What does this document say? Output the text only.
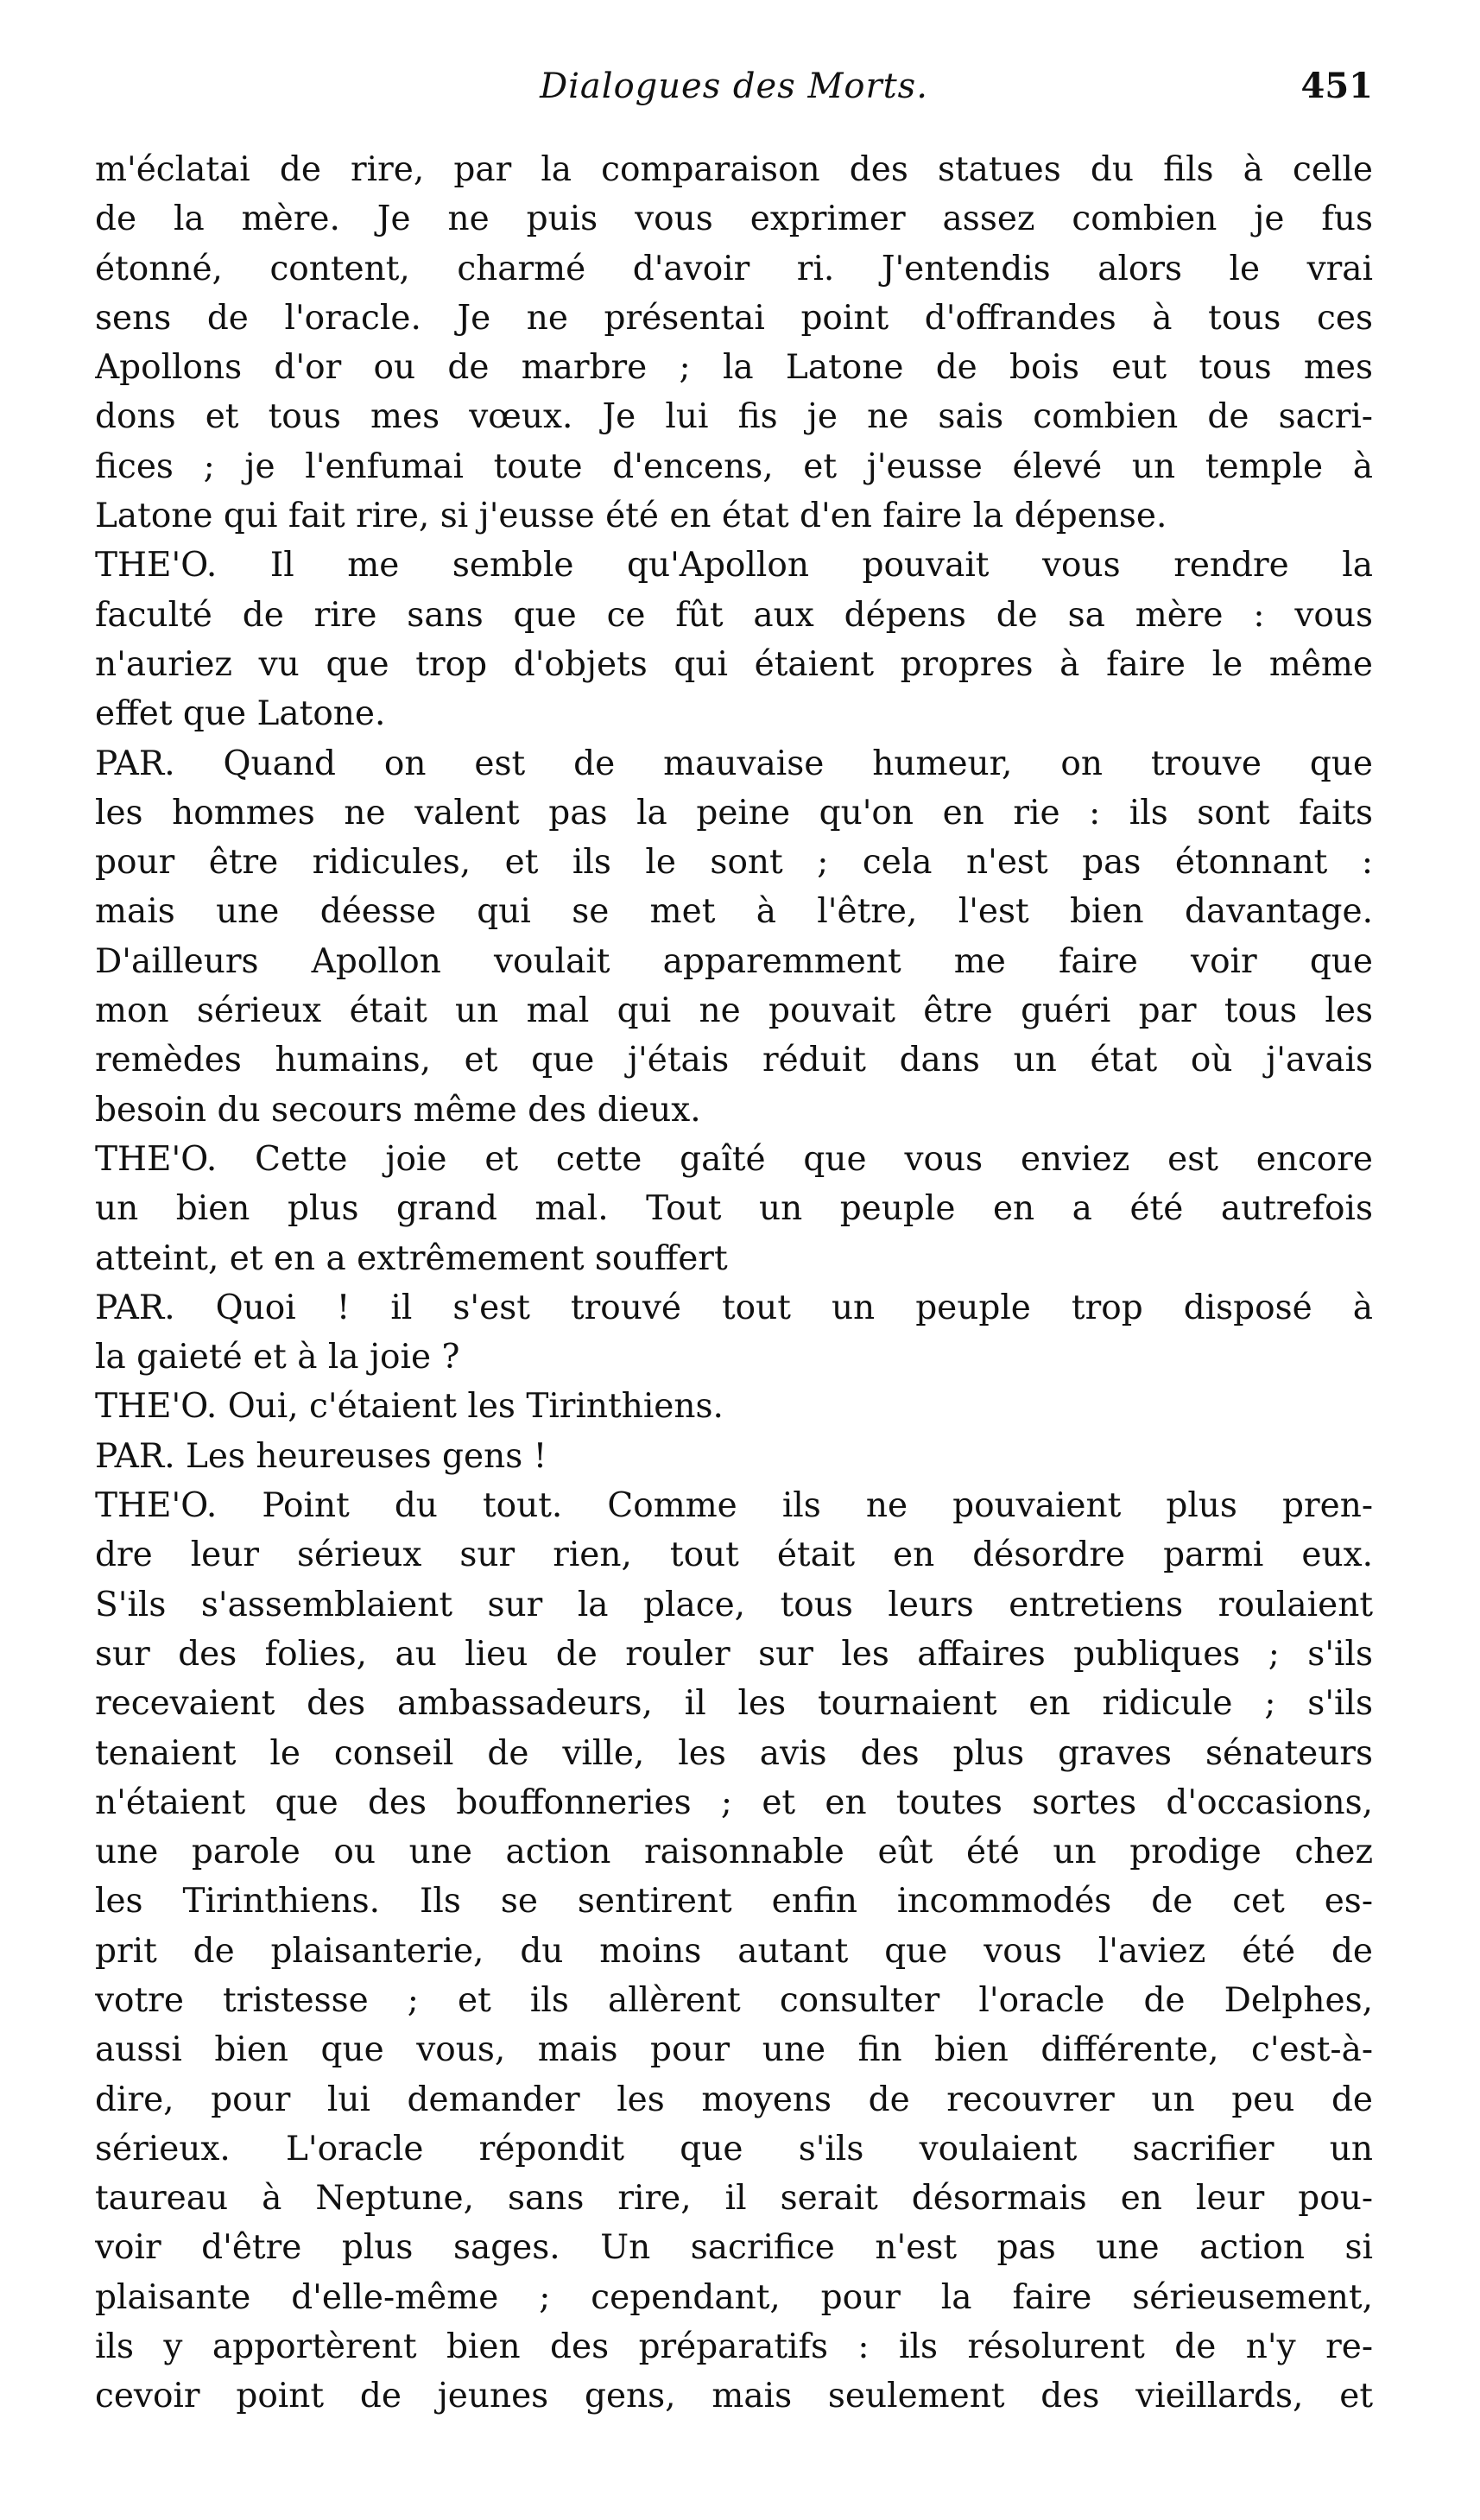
Dialogues des Morts.	451
m'éclatai de rire, par la comparaison des statues du fils à celle
de la mère. Je ne puis vous exprimer assez combien je fus
étonné, content, charmé d'avoir ri. J'entendis alors le vrai
sens de l'oracle. Je ne présentai point d'offrandes à tous ces
Apollons d'or ou de marbre ; la Latone de bois eut tous mes
dons et tous mes vœux. Je lui fis je ne sais combien de sacri-
fices ; je l'enfumai toute d'encens, et j'eusse élevé un temple à
Latone qui fait rire, si j'eusse été en état d'en faire la dépense.
THE'O. Il me semble qu'Apollon pouvait vous rendre la
faculté de rire sans que ce fût aux dépens de sa mère : vous
n'auriez vu que trop d'objets qui étaient propres à faire le même
effet que Latone.
PAR. Quand on est de mauvaise humeur, on trouve que
les hommes ne valent pas la peine qu'on en rie : ils sont faits
pour être ridicules, et ils le sont ; cela n'est pas étonnant :
mais une déesse qui se met à l'être, l'est bien davantage.
D'ailleurs Apollon voulait apparemment me faire voir que
mon sérieux était un mal qui ne pouvait être guéri par tous les
remèdes humains, et que j'étais réduit dans un état où j'avais
besoin du secours même des dieux.
THE'O. Cette joie et cette gaîté que vous enviez est encore
un bien plus grand mal. Tout un peuple en a été autrefois
atteint, et en a extrêmement souffert
PAR. Quoi ! il s'est trouvé tout un peuple trop disposé à
la gaieté et à la joie ?
THE'O. Oui, c'étaient les Tirinthiens.
PAR. Les heureuses gens !
THE'O. Point du tout. Comme ils ne pouvaient plus pren-
dre leur sérieux sur rien, tout était en désordre parmi eux.
S'ils s'assemblaient sur la place, tous leurs entretiens roulaient
sur des folies, au lieu de rouler sur les affaires publiques ; s'ils
recevaient des ambassadeurs, il les tournaient en ridicule ; s'ils
tenaient le conseil de ville, les avis des plus graves sénateurs
n'étaient que des bouffonneries ; et en toutes sortes d'occasions,
une parole ou une action raisonnable eût été un prodige chez
les Tirinthiens. Ils se sentirent enfin incommodés de cet es-
prit de plaisanterie, du moins autant que vous l'aviez été de
votre tristesse ; et ils allèrent consulter l'oracle de Delphes,
aussi bien que vous, mais pour une fin bien différente, c'est-à-
dire, pour lui demander les moyens de recouvrer un peu de
sérieux. L'oracle répondit que s'ils voulaient sacrifier un
taureau à Neptune, sans rire, il serait désormais en leur pou-
voir d'être plus sages. Un sacrifice n'est pas une action si
plaisante d'elle-même ; cependant, pour la faire sérieusement,
ils y apportèrent bien des préparatifs : ils résolurent de n'y re-
cevoir point de jeunes gens, mais seulement des vieillards, et
